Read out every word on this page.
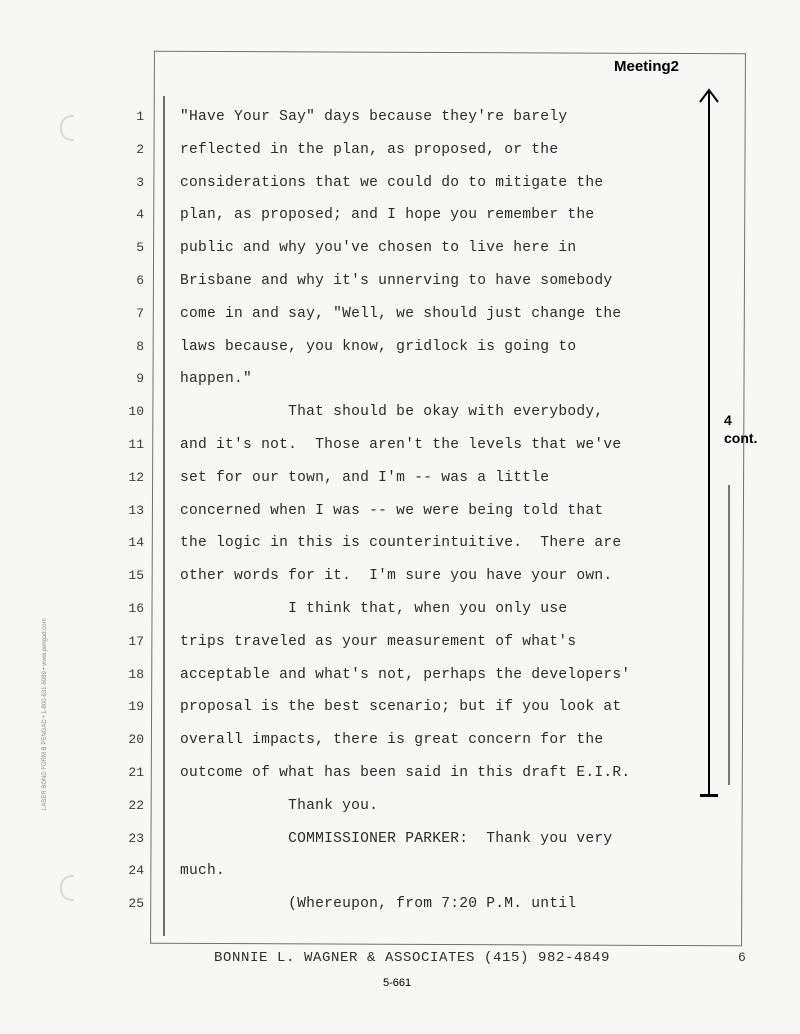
LASER BOND FORM B PENGAD • 1-800-631-6989 • www.pengad.com
1 "Have Your Say" days because they're barely
2 reflected in the plan, as proposed, or the
3 considerations that we could do to mitigate the
4 plan, as proposed; and I hope you remember the
5 public and why you've chosen to live here in
6 Brisbane and why it's unnerving to have somebody
7 come in and say, "Well, we should just change the
8 laws because, you know, gridlock is going to
9 happen."
10 That should be okay with everybody,
11 and it's not.  Those aren't the levels that we've
12 set for our town, and I'm -- was a little
13 concerned when I was -- we were being told that
14 the logic in this is counterintuitive.  There are
15 other words for it.  I'm sure you have your own.
16 I think that, when you only use
17 trips traveled as your measurement of what's
18 acceptable and what's not, perhaps the developers'
19 proposal is the best scenario; but if you look at
20 overall impacts, there is great concern for the
21 outcome of what has been said in this draft E.I.R.
22 Thank you.
23 COMMISSIONER PARKER:  Thank you very
24 much.
25 (Whereupon, from 7:20 P.M. until
Meeting2
4
cont.
BONNIE L. WAGNER & ASSOCIATES (415) 982-4849	6
5-661
